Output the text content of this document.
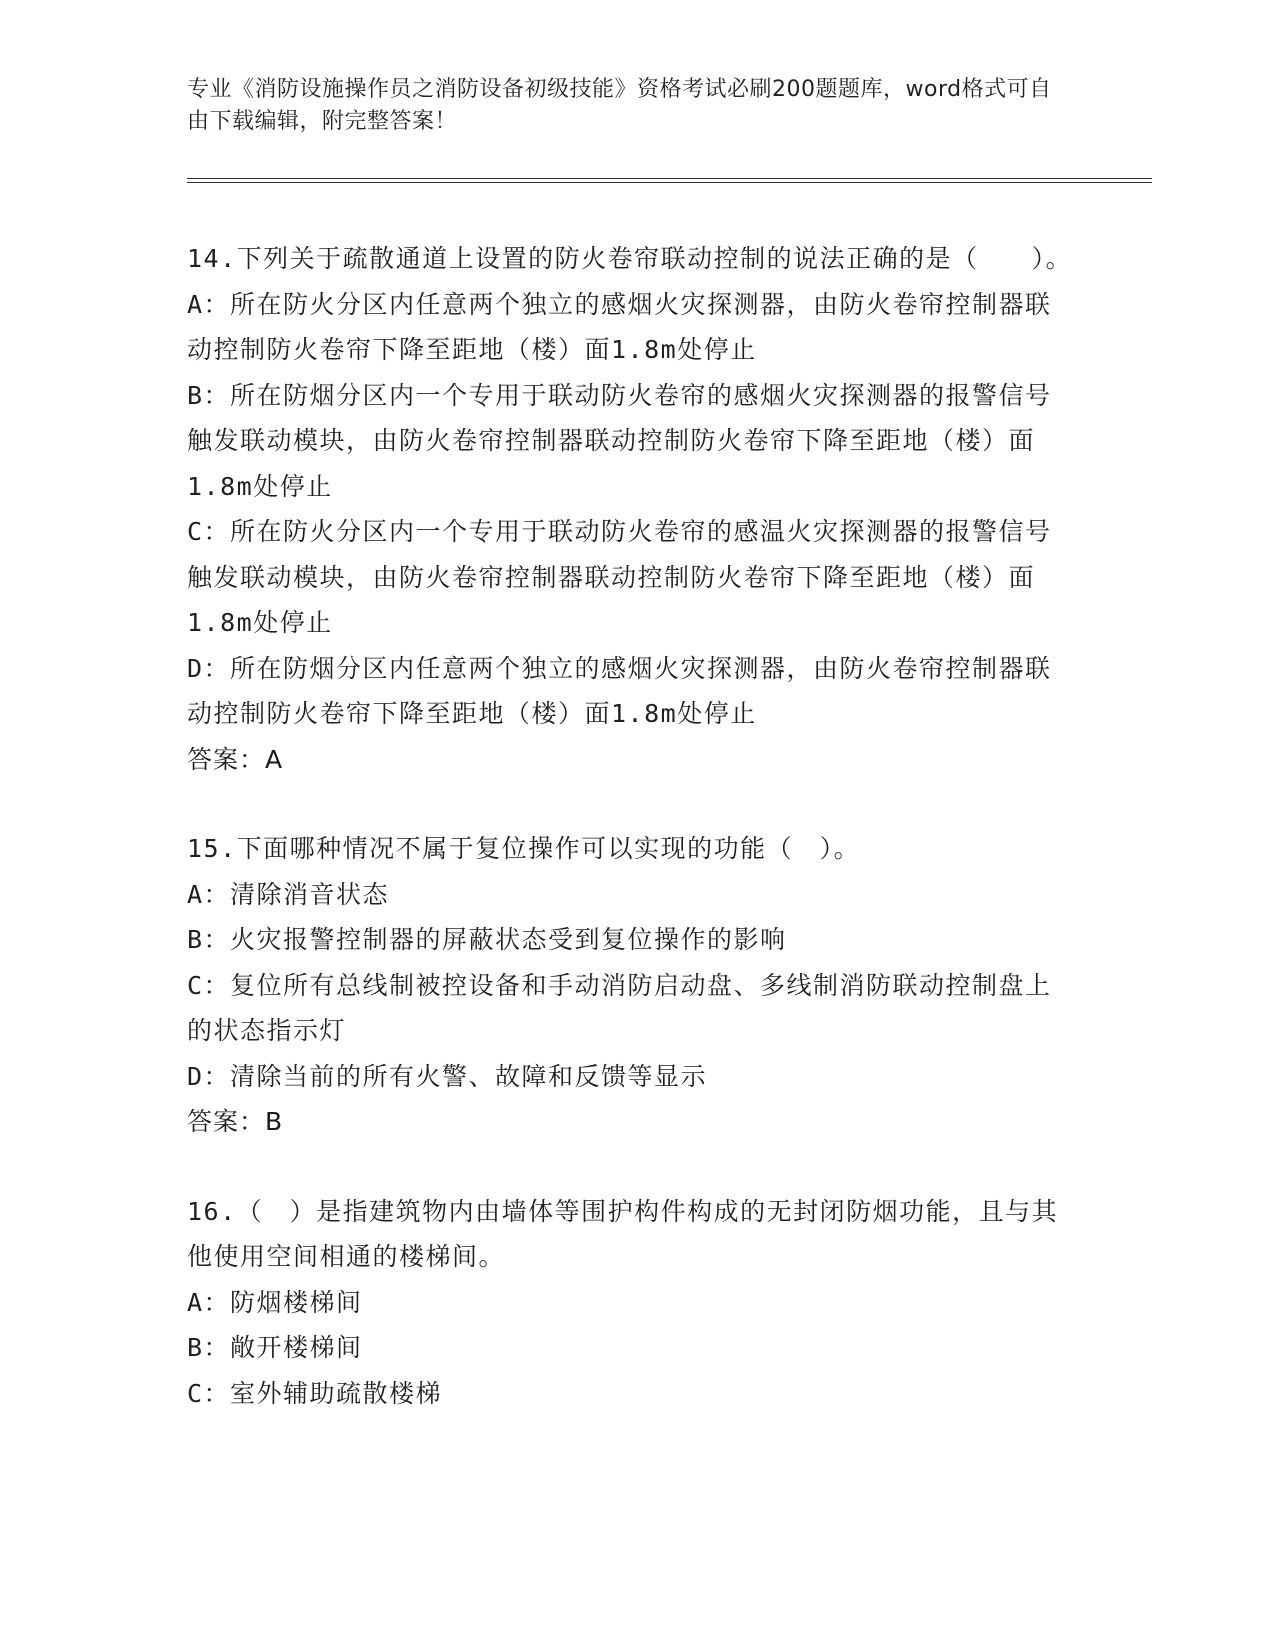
专业《消防设施操作员之消防设备初级技能》资格考试必刷200题题库，word格式可自由下载编辑，附完整答案！
14.下列关于疏散通道上设置的防火卷帘联动控制的说法正确的是（　　）。
A：所在防火分区内任意两个独立的感烟火灾探测器，由防火卷帘控制器联动控制防火卷帘下降至距地（楼）面1.8m处停止
B：所在防烟分区内一个专用于联动防火卷帘的感烟火灾探测器的报警信号触发联动模块，由防火卷帘控制器联动控制防火卷帘下降至距地（楼）面1.8m处停止
C：所在防火分区内一个专用于联动防火卷帘的感温火灾探测器的报警信号触发联动模块，由防火卷帘控制器联动控制防火卷帘下降至距地（楼）面1.8m处停止
D：所在防烟分区内任意两个独立的感烟火灾探测器，由防火卷帘控制器联动控制防火卷帘下降至距地（楼）面1.8m处停止
答案：A
15.下面哪种情况不属于复位操作可以实现的功能（　）。
A：清除消音状态
B：火灾报警控制器的屏蔽状态受到复位操作的影响
C：复位所有总线制被控设备和手动消防启动盘、多线制消防联动控制盘上的状态指示灯
D：清除当前的所有火警、故障和反馈等显示
答案：B
16.（　）是指建筑物内由墙体等围护构件构成的无封闭防烟功能，且与其他使用空间相通的楼梯间。
A：防烟楼梯间
B：敞开楼梯间
C：室外辅助疏散楼梯
